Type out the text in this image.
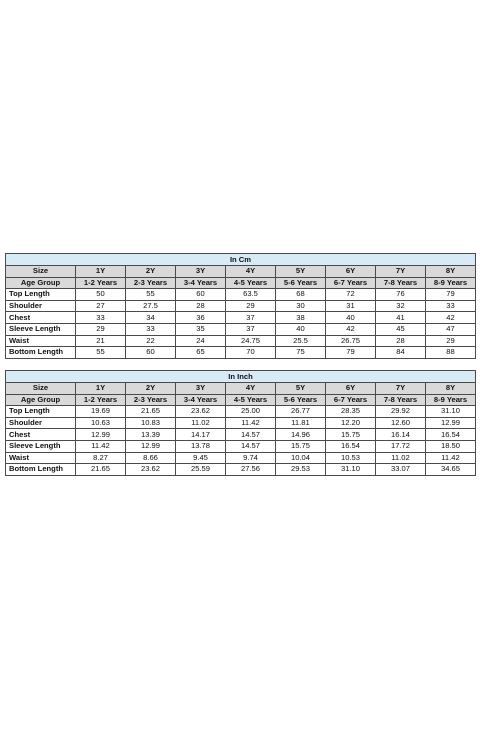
In Cm								
Size	1Y	2Y	3Y	4Y	5Y	6Y	7Y	8Y
Age Group	1-2 Years	2-3 Years	3-4 Years	4-5 Years	5-6 Years	6-7 Years	7-8 Years	8-9 Years
Top Length	50	55	60	63.5	68	72	76	79
Shoulder	27	27.5	28	29	30	31	32	33
Chest	33	34	36	37	38	40	41	42
Sleeve Length	29	33	35	37	40	42	45	47
Waist	21	22	24	24.75	25.5	26.75	28	29
Bottom Length	55	60	65	70	75	79	84	88
In Inch								
Size	1Y	2Y	3Y	4Y	5Y	6Y	7Y	8Y
Age Group	1-2 Years	2-3 Years	3-4 Years	4-5 Years	5-6 Years	6-7 Years	7-8 Years	8-9 Years
Top Length	19.69	21.65	23.62	25.00	26.77	28.35	29.92	31.10
Shoulder	10.63	10.83	11.02	11.42	11.81	12.20	12.60	12.99
Chest	12.99	13.39	14.17	14.57	14.96	15.75	16.14	16.54
Sleeve Length	11.42	12.99	13.78	14.57	15.75	16.54	17.72	18.50
Waist	8.27	8.66	9.45	9.74	10.04	10.53	11.02	11.42
Bottom Length	21.65	23.62	25.59	27.56	29.53	31.10	33.07	34.65
